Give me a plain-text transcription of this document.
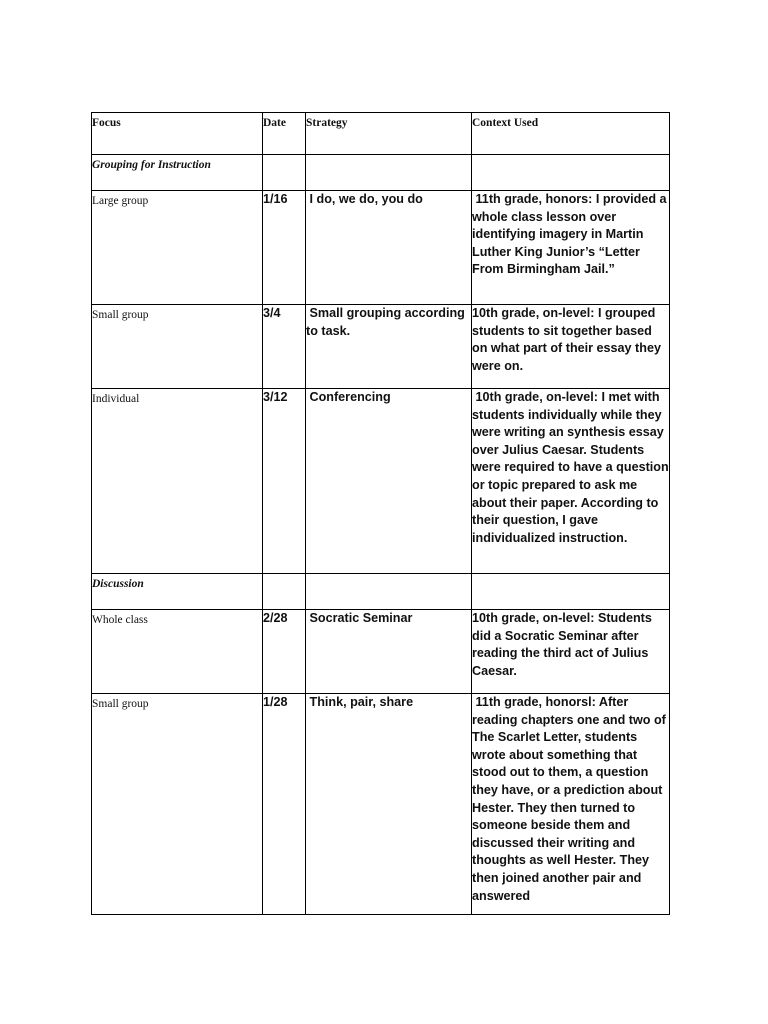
Focus	Date	Strategy	Context Used
Grouping for Instruction			
Large group	1/16	I do, we do, you do	11th grade, honors: I provided a whole class lesson over identifying imagery in Martin Luther King Junior’s “Letter From Birmingham Jail.”

Small group	3/4	Small grouping according to task.	10th grade, on-level: I grouped students to sit together based on what part of their essay they were on.

Individual	3/12	Conferencing	10th grade, on-level: I met with students individually while they were writing an synthesis essay over Julius Caesar. Students were required to have a question or topic prepared to ask me about their paper. According to their question, I gave individualized instruction.

Discussion			
Whole class	2/28	Socratic Seminar	10th grade, on-level: Students did a Socratic Seminar after reading the third act of Julius Caesar.

Small group	1/28	Think, pair, share	11th grade, honorsl: After reading chapters one and two of The Scarlet Letter, students wrote about something that stood out to them, a question they have, or a prediction about Hester. They then turned to someone beside them and discussed their writing and thoughts as well Hester. They then joined another pair and answered
